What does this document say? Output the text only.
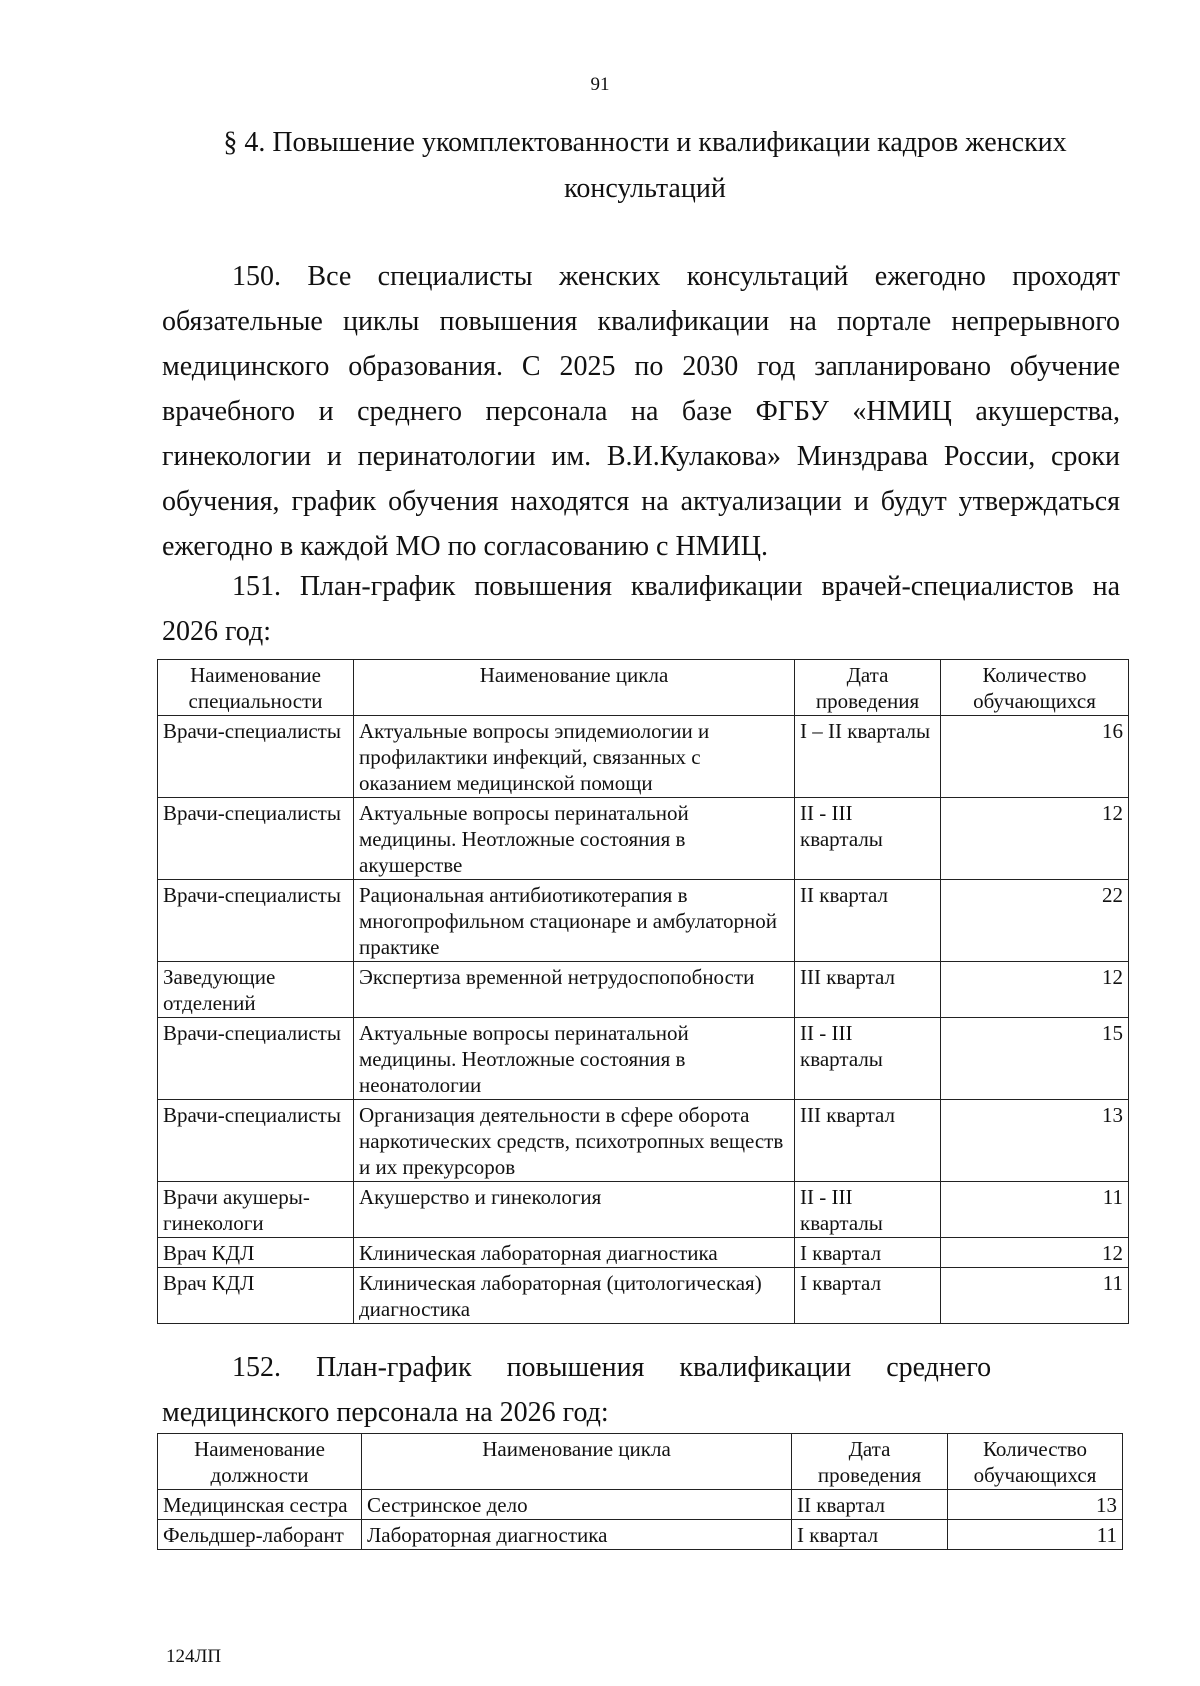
91
§ 4. Повышение укомплектованности и квалификации кадров женских консультаций

150. Все специалисты женских консультаций ежегодно проходят обязательные циклы повышения квалификации на портале непрерывного медицинского образования. С 2025 по 2030 год запланировано обучение врачебного и среднего персонала на базе ФГБУ «НМИЦ акушерства, гинекологии и перинатологии им. В.И.Кулакова» Минздрава России, сроки обучения, график обучения находятся на актуализации и будут утверждаться ежегодно в каждой МО по согласованию с НМИЦ.

151. План-график повышения квалификации врачей-специалистов на 2026 год:

Наименование специальности	Наименование цикла	Дата проведения	Количество обучающихся
Врачи-специалисты	Актуальные вопросы эпидемиологии и профилактики инфекций, связанных с оказанием медицинской помощи	I – II кварталы	16
Врачи-специалисты	Актуальные вопросы перинатальной медицины. Неотложные состояния в акушерстве	II - III кварталы	12
Врачи-специалисты	Рациональная антибиотикотерапия в многопрофильном стационаре и амбулаторной практике	II квартал	22
Заведующие отделений	Экспертиза временной нетрудоспопобности	III квартал	12
Врачи-специалисты	Актуальные вопросы перинатальной медицины. Неотложные состояния в неонатологии	II - III кварталы	15
Врачи-специалисты	Организация деятельности в сфере оборота наркотических средств, психотропных веществ и их прекурсоров	III квартал	13
Врачи акушеры-гинекологи	Акушерство и гинекология	II - III кварталы	11
Врач КДЛ	Клиническая лабораторная диагностика	I квартал	12
Врач КДЛ	Клиническая лабораторная (цитологическая) диагностика	I квартал	11

152.     План-график     повышения     квалификации     среднего
медицинского персонала на 2026 год:

Наименование должности	Наименование цикла	Дата проведения	Количество обучающихся
Медицинская сестра	Сестринское дело	II квартал	13
Фельдшер-лаборант	Лабораторная диагностика	I квартал	11
124ЛП
